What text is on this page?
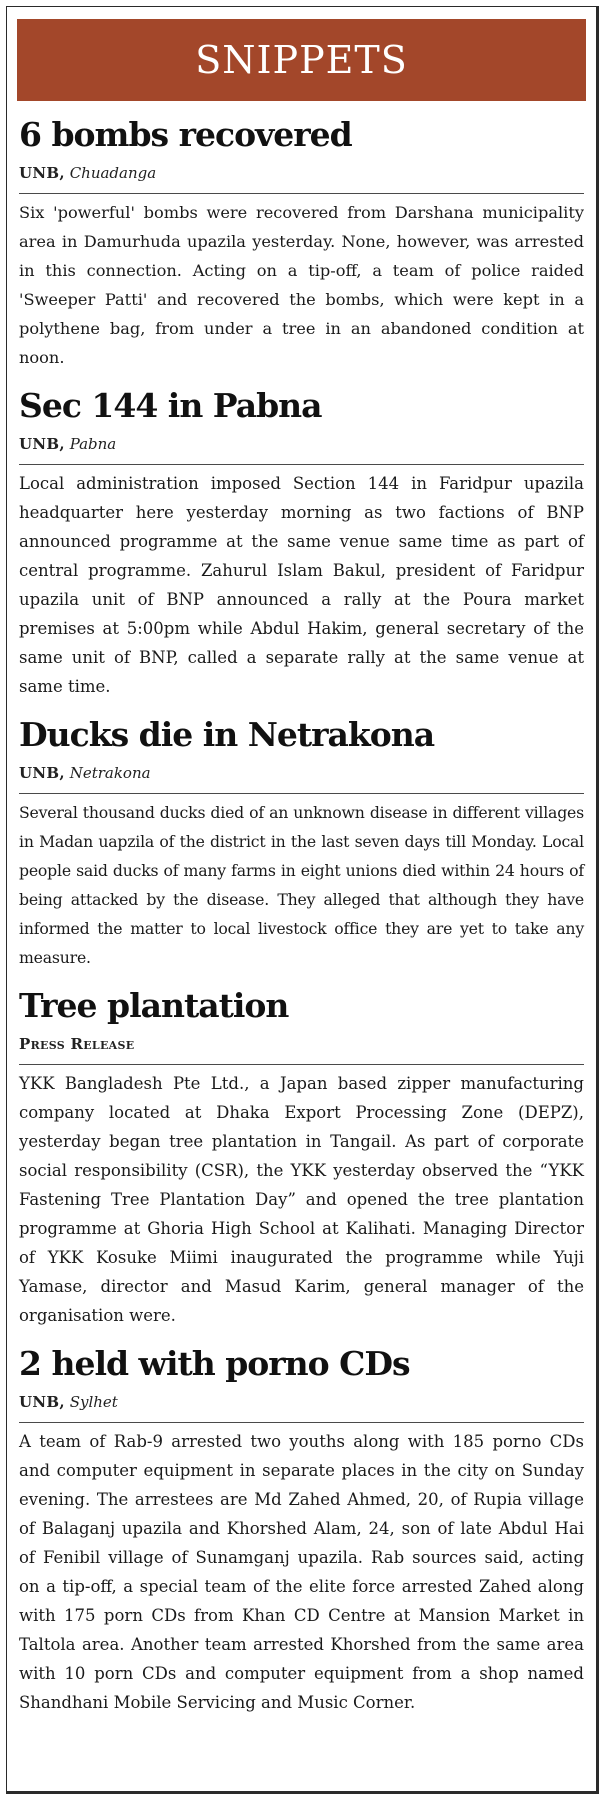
SNIPPETS
6 bombs recovered
UNB, Chuadanga

Six 'powerful' bombs were recovered from Darshana municipality area in Damurhuda upazila yesterday. None, however, was arrested in this connection. Acting on a tip-off, a team of police raided 'Sweeper Patti' and recovered the bombs, which were kept in a polythene bag, from under a tree in an abandoned condition at noon.

Sec 144 in Pabna
UNB, Pabna

Local administration imposed Section 144 in Faridpur upazila headquarter here yesterday morning as two factions of BNP announced programme at the same venue same time as part of central programme. Zahurul Islam Bakul, president of Faridpur upazila unit of BNP announced a rally at the Poura market premises at 5:00pm while Abdul Hakim, general secretary of the same unit of BNP, called a separate rally at the same venue at same time.

Ducks die in Netrakona
UNB, Netrakona

Several thousand ducks died of an unknown disease in different villages in Madan uapzila of the district in the last seven days till Monday. Local people said ducks of many farms in eight unions died within 24 hours of being attacked by the disease. They alleged that although they have informed the matter to local livestock office they are yet to take any measure.

Tree plantation
Press Release

YKK Bangladesh Pte Ltd., a Japan based zipper manufacturing company located at Dhaka Export Processing Zone (DEPZ), yesterday began tree plantation in Tangail. As part of corporate social responsibility (CSR), the YKK yesterday observed the “YKK Fastening Tree Plantation Day” and opened the tree plantation programme at Ghoria High School at Kalihati. Managing Director of YKK Kosuke Miimi inaugurated the programme while Yuji Yamase, director and Masud Karim, general manager of the organisation were.

2 held with porno CDs
UNB, Sylhet

A team of Rab-9 arrested two youths along with 185 porno CDs and computer equipment in separate places in the city on Sunday evening. The arrestees are Md Zahed Ahmed, 20, of Rupia village of Balaganj upazila and Khorshed Alam, 24, son of late Abdul Hai of Fenibil village of Sunamganj upazila. Rab sources said, acting on a tip-off, a special team of the elite force arrested Zahed along with 175 porn CDs from Khan CD Centre at Mansion Market in Taltola area. Another team arrested Khorshed from the same area with 10 porn CDs and computer equipment from a shop named Shandhani Mobile Servicing and Music Corner.
